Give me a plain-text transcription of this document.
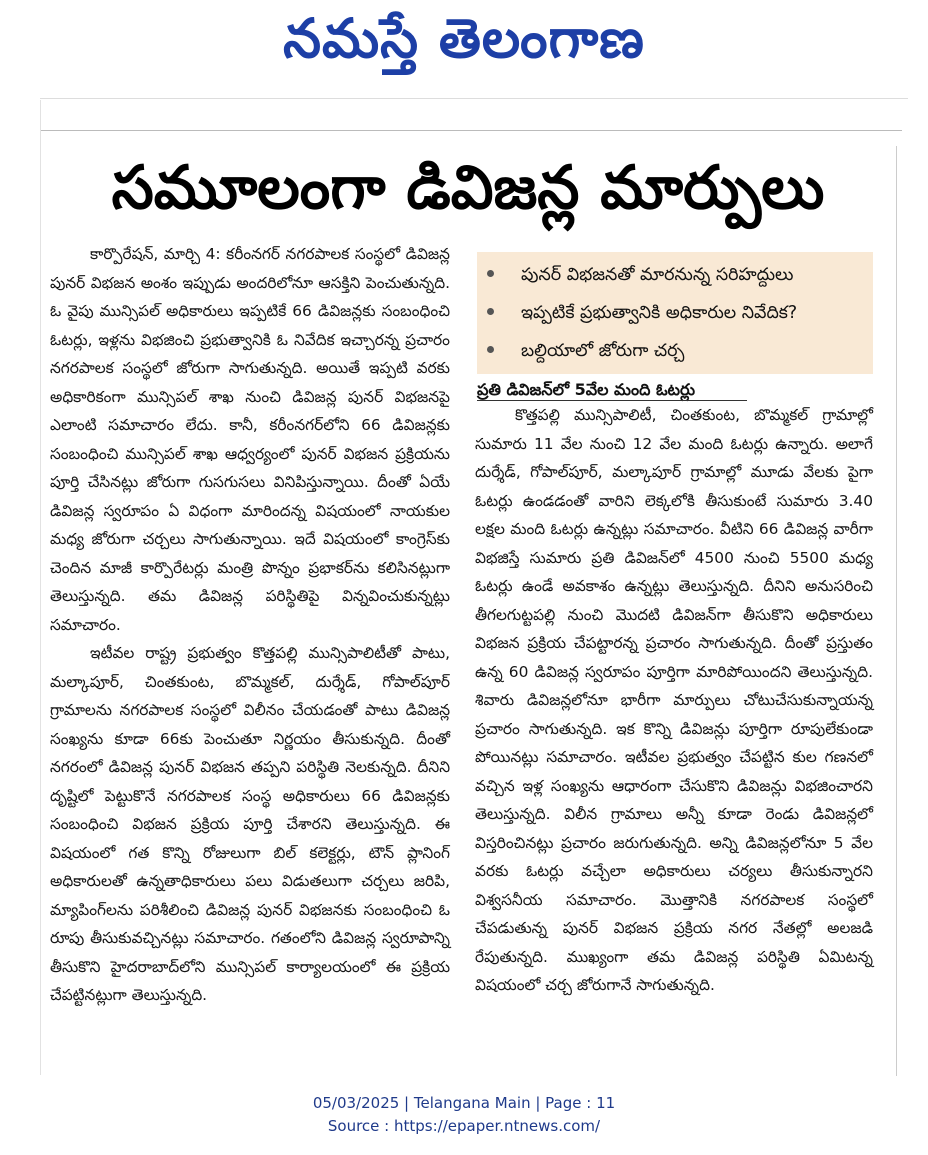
నమస్తే తెలంగాణ
సమూలంగా డివిజన్ల మార్పులు

కార్పొరేషన్, మార్చి 4: కరీంనగర్ నగరపాలక సంస్థలో డివిజన్ల పునర్ విభజన అంశం ఇప్పుడు అందరిలోనూ ఆసక్తిని పెంచుతున్నది. ఓ వైపు మున్సిపల్ అధికారులు ఇప్పటికే 66 డివిజన్లకు సంబంధించి ఓటర్లు, ఇళ్లను విభజించి ప్రభుత్వానికి ఓ నివేదిక ఇచ్చారన్న ప్రచారం నగరపాలక సంస్థలో జోరుగా సాగుతున్నది. అయితే ఇప్పటి వరకు అధికారికంగా మున్సిపల్ శాఖ నుంచి డివిజన్ల పునర్ విభజనపై ఎలాంటి సమాచారం లేదు. కానీ, కరీంనగర్‌లోని 66 డివిజన్లకు సంబంధించి మున్సిపల్ శాఖ ఆధ్వర్యంలో పునర్ విభజన ప్రక్రియను పూర్తి చేసినట్లు జోరుగా గుసగుసలు వినిపిస్తున్నాయి. దీంతో ఏయే డివిజన్ల స్వరూపం ఏ విధంగా మారిందన్న విషయంలో నాయకుల మధ్య జోరుగా చర్చలు సాగుతున్నాయి. ఇదే విషయంలో కాంగ్రెస్‌కు చెందిన మాజీ కార్పొరేటర్లు మంత్రి పొన్నం ప్రభాకర్‌ను కలిసినట్లుగా తెలుస్తున్నది. తమ డివిజన్ల పరిస్థితిపై విన్నవించుకున్నట్లు సమాచారం.

ఇటీవల రాష్ట్ర ప్రభుత్వం కొత్తపల్లి మున్సిపాలిటీతో పాటు, మల్కాపూర్, చింతకుంట, బొమ్మకల్, దుర్శేడ్, గోపాల్‌పూర్ గ్రామాలను నగరపాలక సంస్థలో విలీనం చేయడంతో పాటు డివిజన్ల సంఖ్యను కూడా 66కు పెంచుతూ నిర్ణయం తీసుకున్నది. దీంతో నగరంలో డివిజన్ల పునర్ విభజన తప్పని పరిస్థితి నెలకున్నది. దీనిని దృష్టిలో పెట్టుకొనే నగరపాలక సంస్థ అధికారులు 66 డివిజన్లకు సంబంధించి విభజన ప్రక్రియ పూర్తి చేశారని తెలుస్తున్నది. ఈ విషయంలో గత కొన్ని రోజులుగా బిల్ కలెక్టర్లు, టౌన్ ప్లానింగ్ అధికారులతో ఉన్నతాధికారులు పలు విడుతలుగా చర్చలు జరిపి, మ్యాపింగ్‌లను పరిశీలించి డివిజన్ల పునర్ విభజనకు సంబంధించి ఓ రూపు తీసుకువచ్చినట్లు సమాచారం. గతంలోని డివిజన్ల స్వరూపాన్ని తీసుకొని హైదరాబాద్‌లోని మున్సిపల్ కార్యాలయంలో ఈ ప్రక్రియ చేపట్టినట్లుగా తెలుస్తున్నది.

పునర్ విభజనతో మారనున్న సరిహద్దులు
ఇప్పటికే ప్రభుత్వానికి అధికారుల నివేదిక?
బల్దియాలో జోరుగా చర్చ
ప్రతి డివిజన్‌లో 5వేల మంది ఓటర్లు

కొత్తపల్లి మున్సిపాలిటీ, చింతకుంట, బొమ్మకల్ గ్రామాల్లో సుమారు 11 వేల నుంచి 12 వేల మంది ఓటర్లు ఉన్నారు. అలాగే దుర్శేడ్, గోపాల్‌పూర్, మల్కాపూర్ గ్రామాల్లో మూడు వేలకు పైగా ఓటర్లు ఉండడంతో వారిని లెక్కలోకి తీసుకుంటే సుమారు 3.40 లక్షల మంది ఓటర్లు ఉన్నట్లు సమాచారం. వీటిని 66 డివిజన్ల వారీగా విభజిస్తే సుమారు ప్రతి డివిజన్‌లో 4500 నుంచి 5500 మధ్య ఓటర్లు ఉండే అవకాశం ఉన్నట్లు తెలుస్తున్నది. దీనిని అనుసరించి తీగలగుట్టపల్లి నుంచి మొదటి డివిజన్‌గా తీసుకొని అధికారులు విభజన ప్రక్రియ చేపట్టారన్న ప్రచారం సాగుతున్నది. దీంతో ప్రస్తుతం ఉన్న 60 డివిజన్ల స్వరూపం పూర్తిగా మారిపోయిందని తెలుస్తున్నది. శివారు డివిజన్లలోనూ భారీగా మార్పులు చోటుచేసుకున్నాయన్న ప్రచారం సాగుతున్నది. ఇక కొన్ని డివిజన్లు పూర్తిగా రూపులేకుండా పోయినట్లు సమాచారం. ఇటీవల ప్రభుత్వం చేపట్టిన కుల గణనలో వచ్చిన ఇళ్ల సంఖ్యను ఆధారంగా చేసుకొని డివిజన్లు విభజించారని తెలుస్తున్నది. విలీన గ్రామాలు అన్నీ కూడా రెండు డివిజన్లలో విస్తరించినట్లు ప్రచారం జరుగుతున్నది. అన్ని డివిజన్లలోనూ 5 వేల వరకు ఓటర్లు వచ్చేలా అధికారులు చర్యలు తీసుకున్నారని విశ్వసనీయ సమాచారం. మొత్తానికి నగరపాలక సంస్థలో చేపడుతున్న పునర్ విభజన ప్రక్రియ నగర నేతల్లో అలజడి రేపుతున్నది. ముఖ్యంగా తమ డివిజన్ల పరిస్థితి ఏమిటన్న విషయంలో చర్చ జోరుగానే సాగుతున్నది.

05/03/2025 | Telangana Main | Page : 11
Source : https://epaper.ntnews.com/
